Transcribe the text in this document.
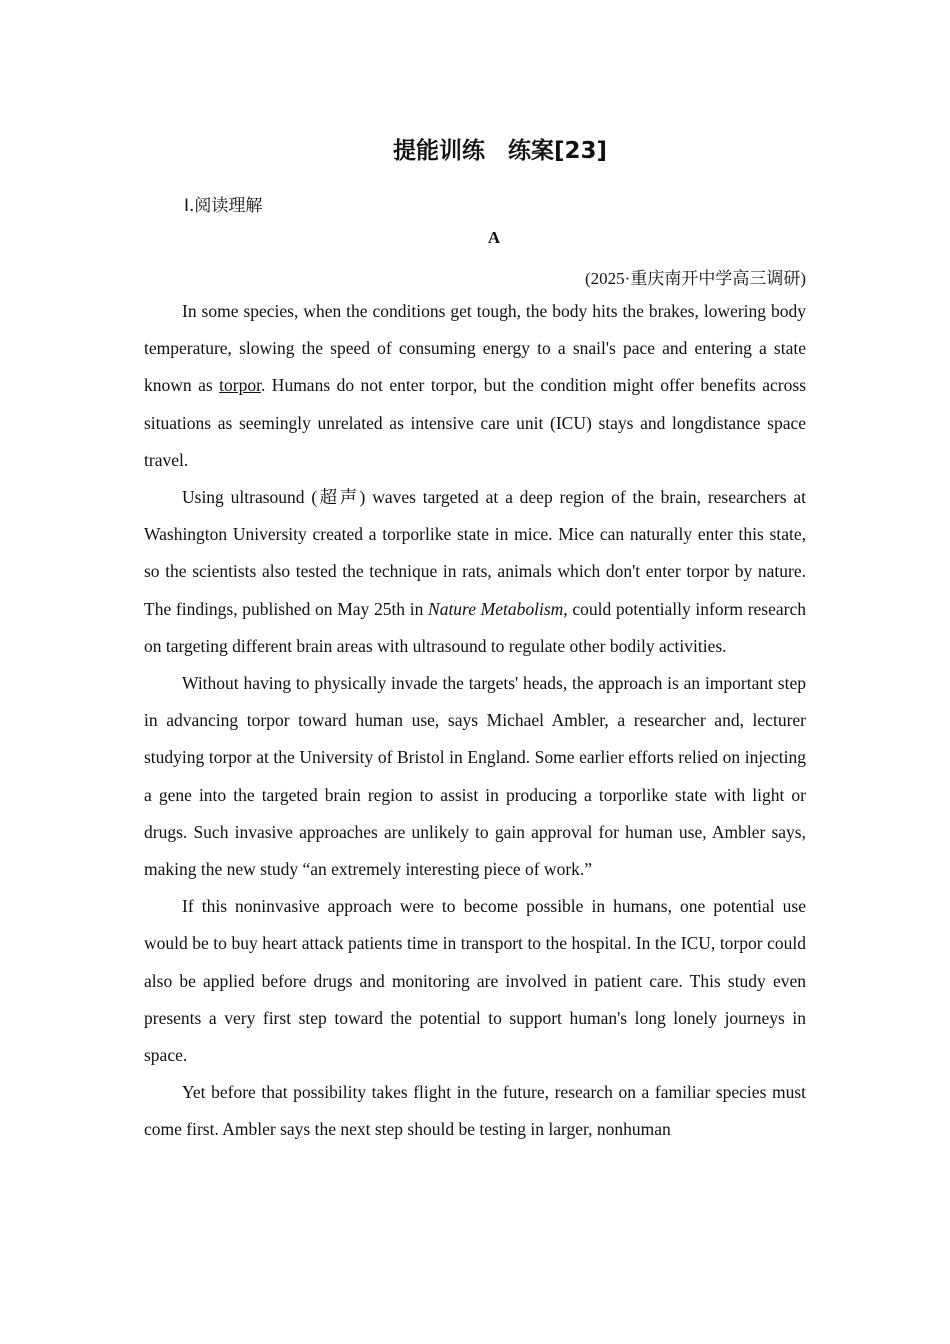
提能训练　练案[23]
Ⅰ.阅读理解
A
(2025·重庆南开中学高三调研)

In some species, when the conditions get tough, the body hits the brakes, lowering body temperature, slowing the speed of consuming energy to a snail's pace and entering a state known as torpor. Humans do not enter torpor, but the condition might offer benefits across situations as seemingly unrelated as intensive care unit (ICU) stays and longdistance space travel.

Using ultrasound (超声) waves targeted at a deep region of the brain, researchers at Washington University created a torporlike state in mice. Mice can naturally enter this state, so the scientists also tested the technique in rats, animals which don't enter torpor by nature. The findings, published on May 25th in Nature Metabolism, could potentially inform research on targeting different brain areas with ultrasound to regulate other bodily activities.

Without having to physically invade the targets' heads, the approach is an important step in advancing torpor toward human use, says Michael Ambler, a researcher and, lecturer studying torpor at the University of Bristol in England. Some earlier efforts relied on injecting a gene into the targeted brain region to assist in producing a torporlike state with light or drugs. Such invasive approaches are unlikely to gain approval for human use, Ambler says, making the new study “an extremely interesting piece of work.”

If this noninvasive approach were to become possible in humans, one potential use would be to buy heart attack patients time in transport to the hospital. In the ICU, torpor could also be applied before drugs and monitoring are involved in patient care. This study even presents a very first step toward the potential to support human's long lonely journeys in space.

Yet before that possibility takes flight in the future, research on a familiar species must come first. Ambler says the next step should be testing in larger, nonhuman
